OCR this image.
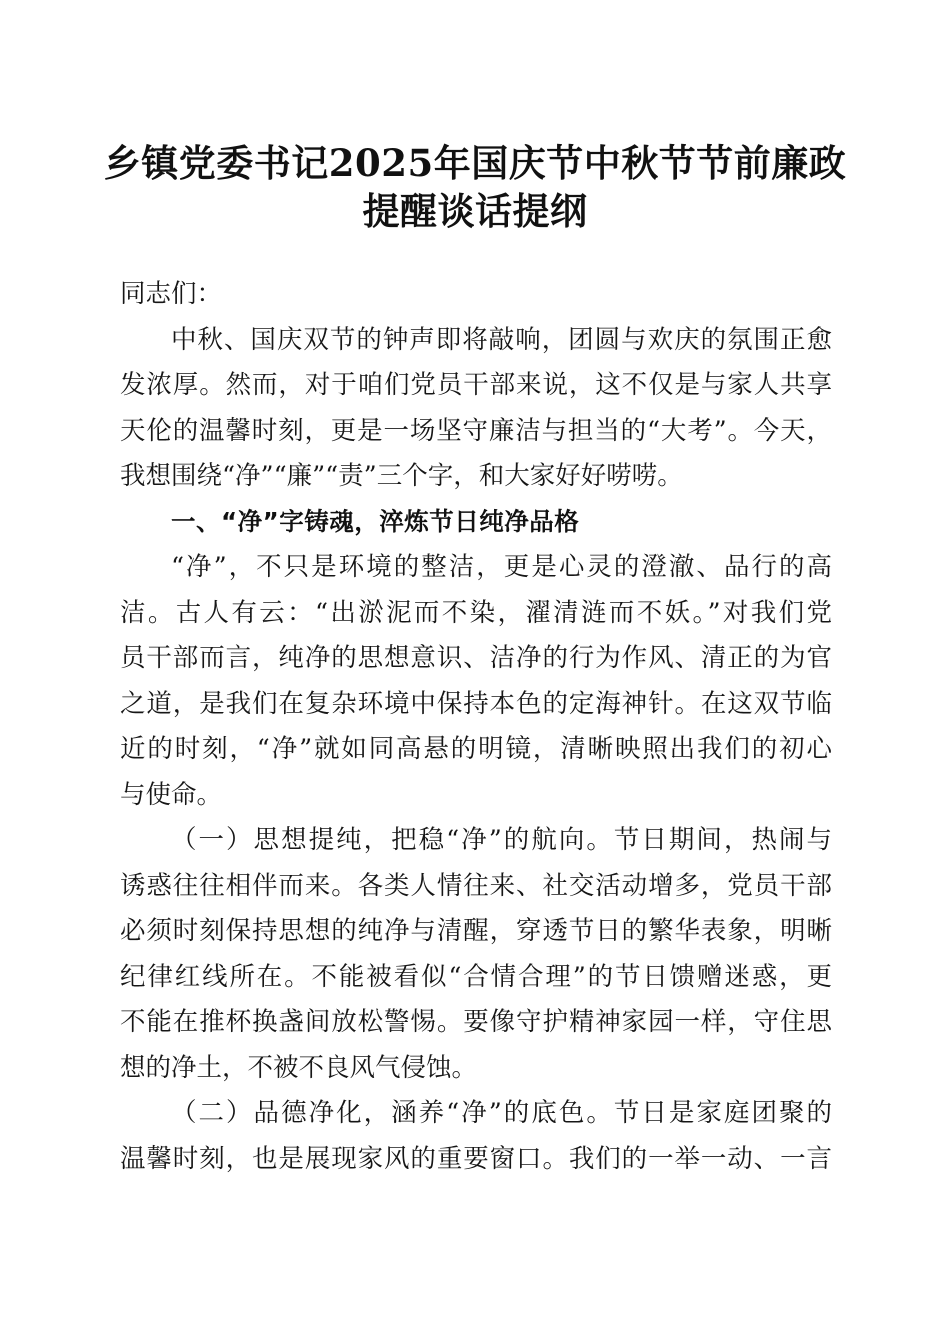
乡镇党委书记2025年国庆节中秋节节前廉政
提醒谈话提纲
同志们：
中秋、国庆双节的钟声即将敲响，团圆与欢庆的氛围正愈
发浓厚。然而，对于咱们党员干部来说，这不仅是与家人共享
天伦的温馨时刻，更是一场坚守廉洁与担当的“大考”。今天，
我想围绕“净”“廉”“责”三个字，和大家好好唠唠。
一、“净”字铸魂，淬炼节日纯净品格
“净”，不只是环境的整洁，更是心灵的澄澈、品行的高
洁。古人有云：“出淤泥而不染，濯清涟而不妖。”对我们党
员干部而言，纯净的思想意识、洁净的行为作风、清正的为官
之道，是我们在复杂环境中保持本色的定海神针。在这双节临
近的时刻，“净”就如同高悬的明镜，清晰映照出我们的初心
与使命。
（一）思想提纯，把稳“净”的航向。节日期间，热闹与
诱惑往往相伴而来。各类人情往来、社交活动增多，党员干部
必须时刻保持思想的纯净与清醒，穿透节日的繁华表象，明晰
纪律红线所在。不能被看似“合情合理”的节日馈赠迷惑，更
不能在推杯换盏间放松警惕。要像守护精神家园一样，守住思
想的净土，不被不良风气侵蚀。
（二）品德净化，涵养“净”的底色。节日是家庭团聚的
温馨时刻，也是展现家风的重要窗口。我们的一举一动、一言
